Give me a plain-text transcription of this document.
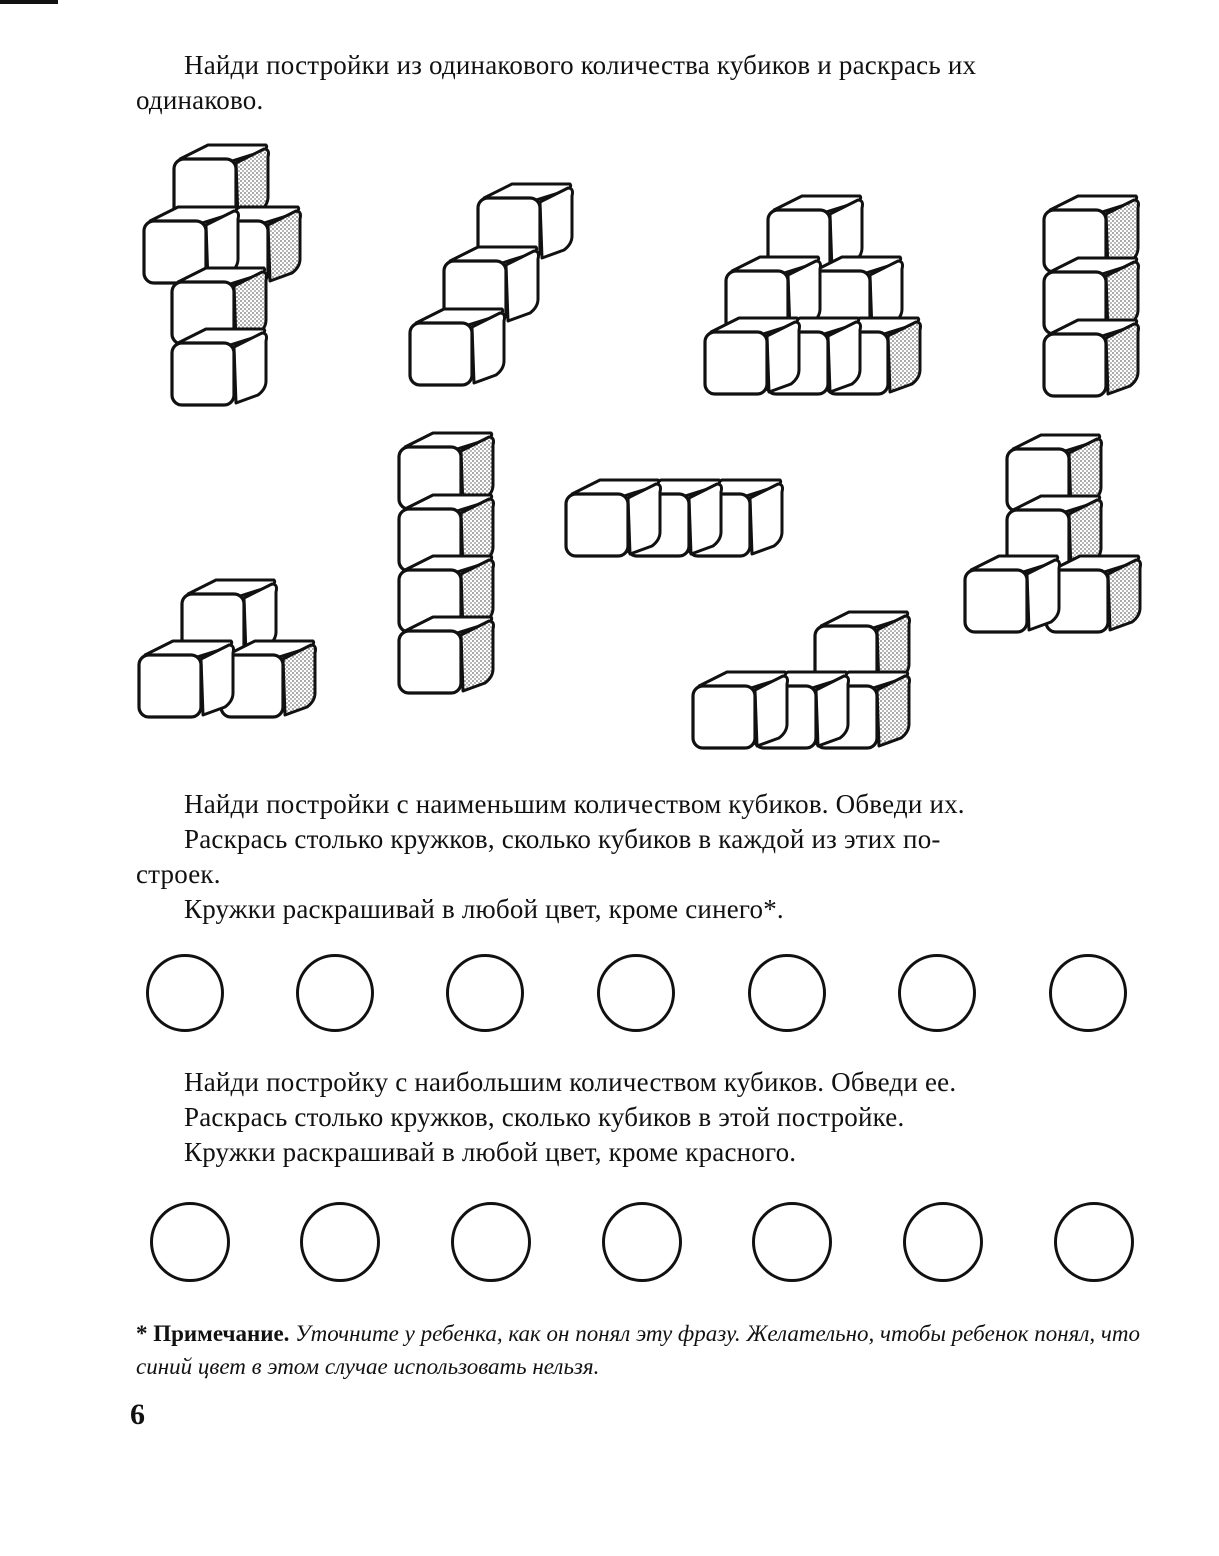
Найди постройки из одинакового количества кубиков и раскрась их
одинаково.

Найди постройки с наименьшим количеством кубиков. Обведи их.
Раскрась столько кружков, сколько кубиков в каждой из этих по-
строек.
Кружки раскрашивай в любой цвет, кроме синего*.

Найди постройку с наибольшим количеством кубиков. Обведи ее.
Раскрась столько кружков, сколько кубиков в этой постройке.
Кружки раскрашивай в любой цвет, кроме красного.

* Примечание. Уточните у ребенка, как он понял эту фразу. Желательно, чтобы ребенок понял, что синий цвет в этом случае использовать нельзя.

6
